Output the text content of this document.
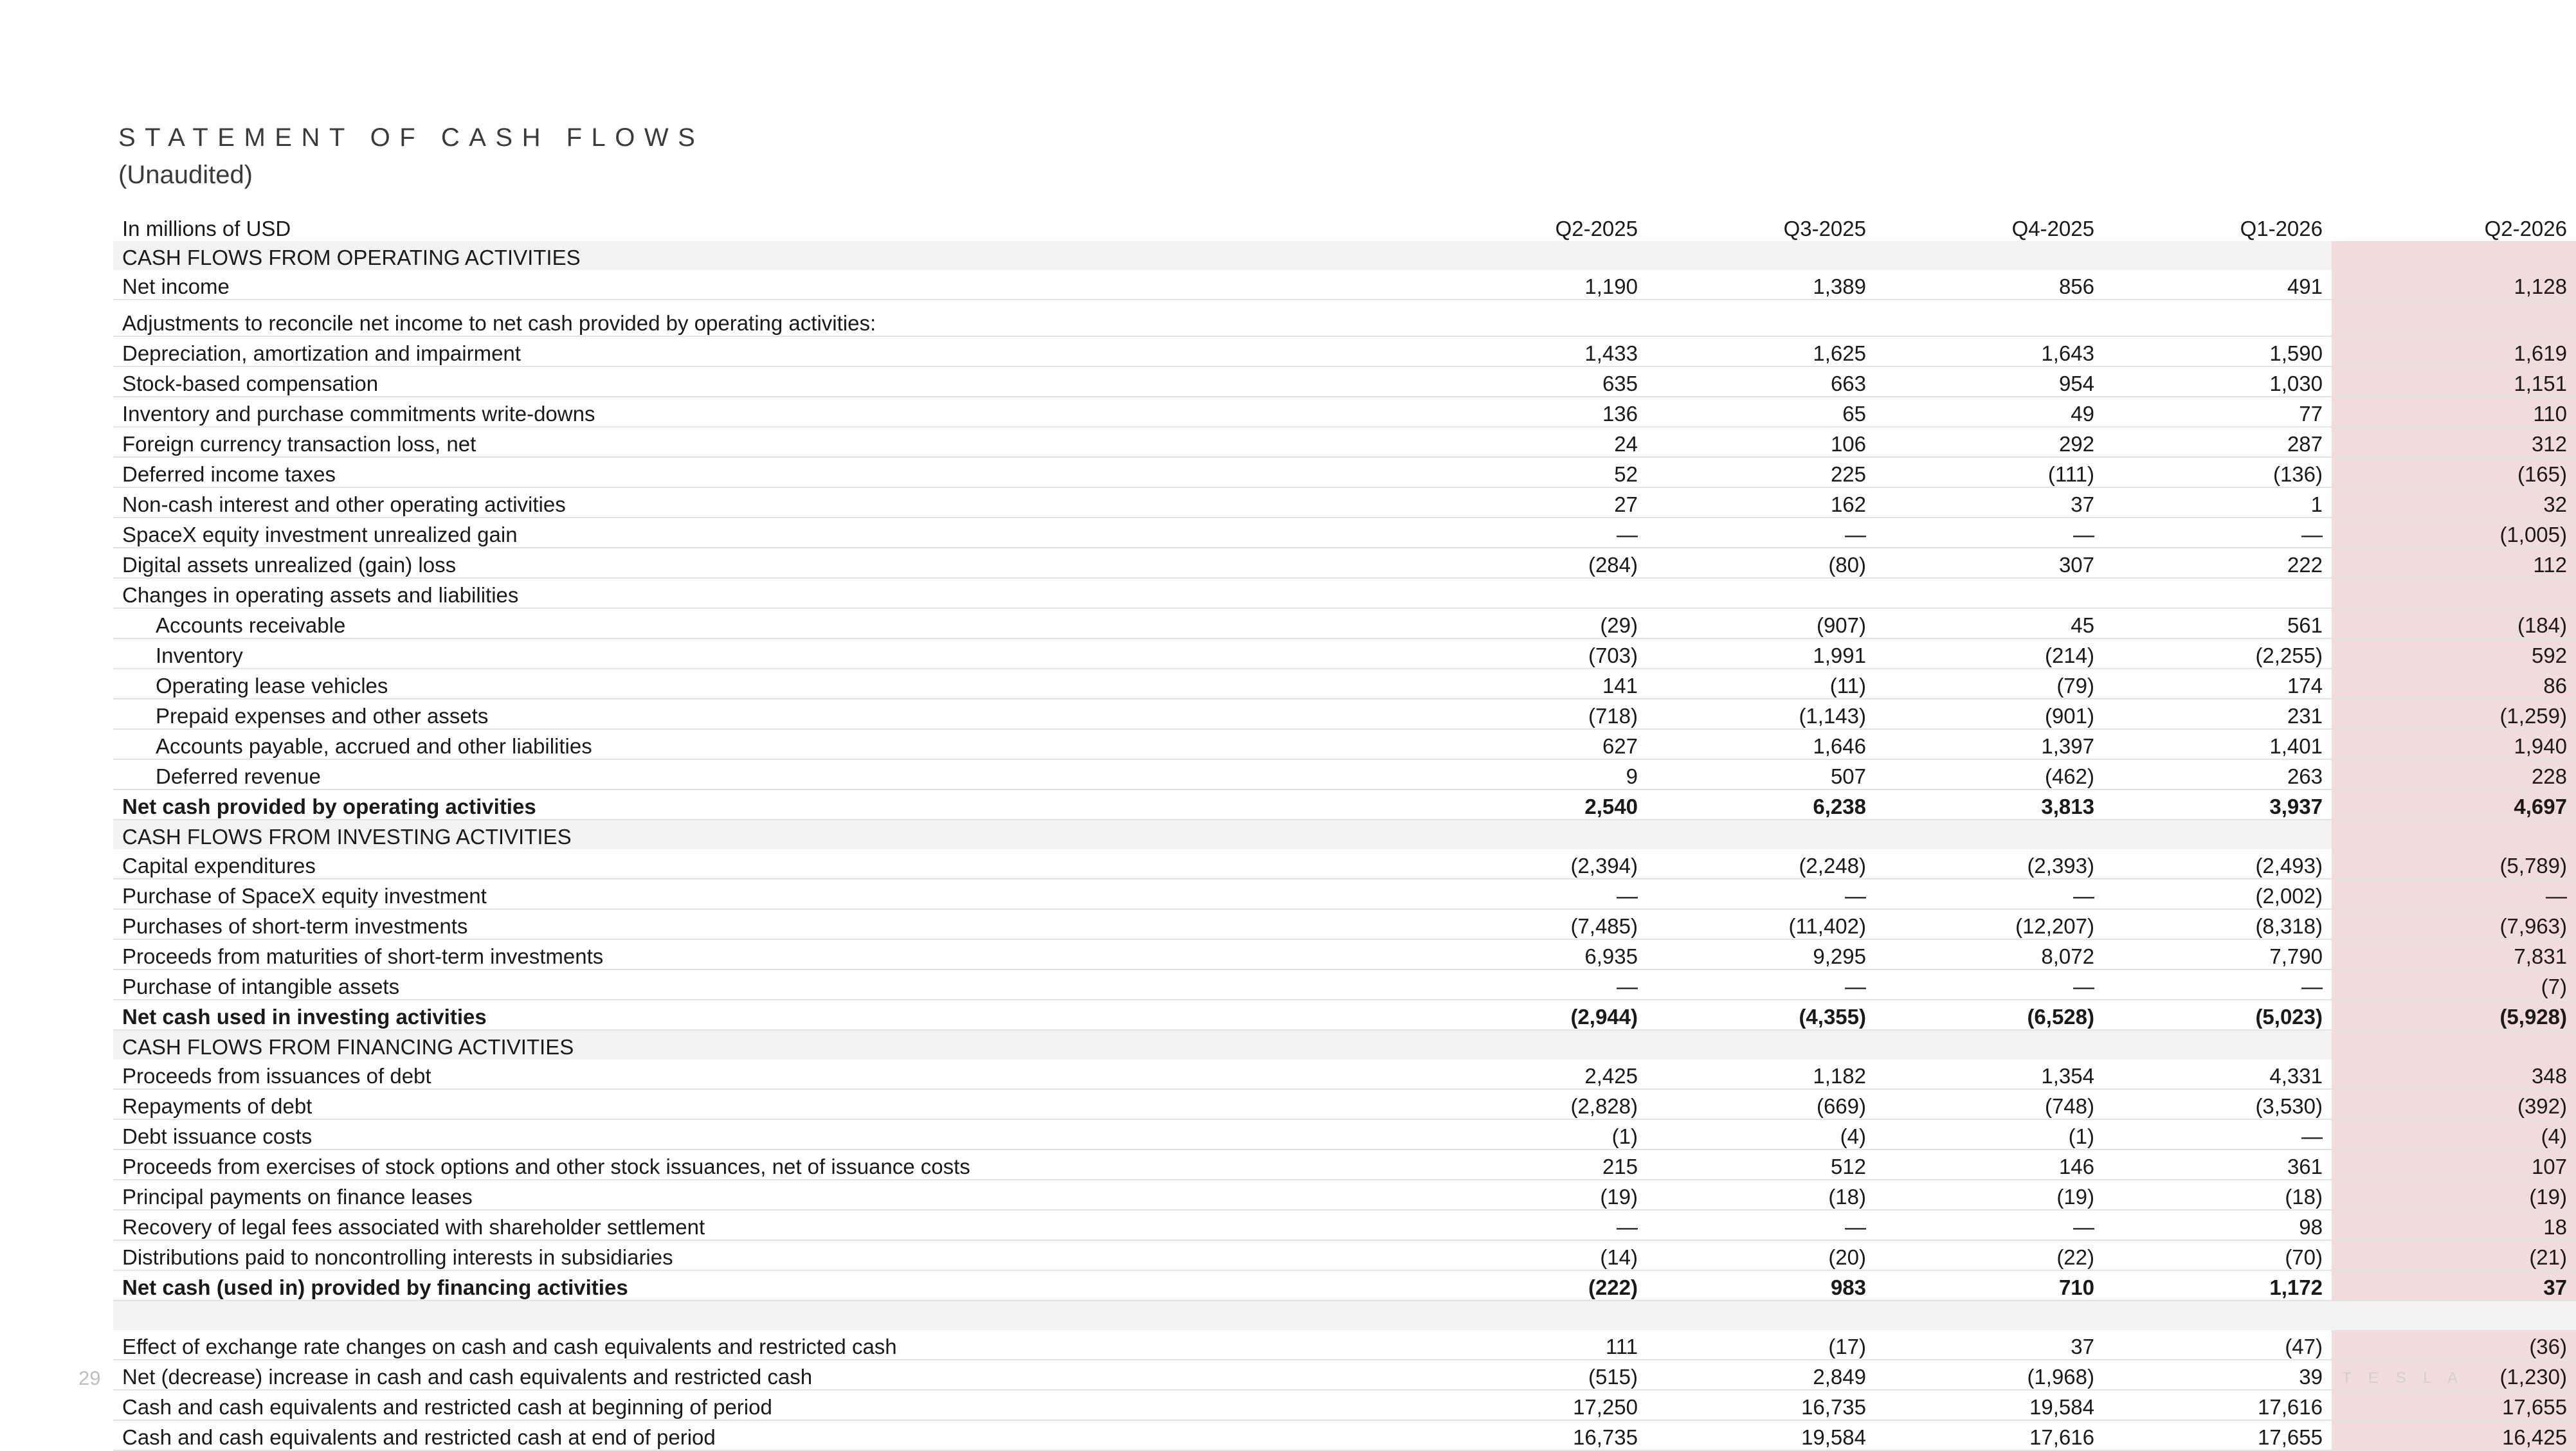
STATEMENT OF CASH FLOWS
(Unaudited)
In millions of USD	Q2-2025	Q3-2025	Q4-2025	Q1-2026	Q2-2026
CASH FLOWS FROM OPERATING ACTIVITIES					
Net income	1,190	1,389	856	491	1,128
Adjustments to reconcile net income to net cash provided by operating activities:					
Depreciation, amortization and impairment	1,433	1,625	1,643	1,590	1,619
Stock-based compensation	635	663	954	1,030	1,151
Inventory and purchase commitments write-downs	136	65	49	77	110
Foreign currency transaction loss, net	24	106	292	287	312
Deferred income taxes	52	225	(111)	(136)	(165)
Non-cash interest and other operating activities	27	162	37	1	32
SpaceX equity investment unrealized gain	—	—	—	—	(1,005)
Digital assets unrealized (gain) loss	(284)	(80)	307	222	112
Changes in operating assets and liabilities					
Accounts receivable	(29)	(907)	45	561	(184)
Inventory	(703)	1,991	(214)	(2,255)	592
Operating lease vehicles	141	(11)	(79)	174	86
Prepaid expenses and other assets	(718)	(1,143)	(901)	231	(1,259)
Accounts payable, accrued and other liabilities	627	1,646	1,397	1,401	1,940
Deferred revenue	9	507	(462)	263	228
Net cash provided by operating activities	2,540	6,238	3,813	3,937	4,697
CASH FLOWS FROM INVESTING ACTIVITIES					
Capital expenditures	(2,394)	(2,248)	(2,393)	(2,493)	(5,789)
Purchase of SpaceX equity investment	—	—	—	(2,002)	—
Purchases of short-term investments	(7,485)	(11,402)	(12,207)	(8,318)	(7,963)
Proceeds from maturities of short-term investments	6,935	9,295	8,072	7,790	7,831
Purchase of intangible assets	—	—	—	—	(7)
Net cash used in investing activities	(2,944)	(4,355)	(6,528)	(5,023)	(5,928)
CASH FLOWS FROM FINANCING ACTIVITIES					
Proceeds from issuances of debt	2,425	1,182	1,354	4,331	348
Repayments of debt	(2,828)	(669)	(748)	(3,530)	(392)
Debt issuance costs	(1)	(4)	(1)	—	(4)
Proceeds from exercises of stock options and other stock issuances, net of issuance costs	215	512	146	361	107
Principal payments on finance leases	(19)	(18)	(19)	(18)	(19)
Recovery of legal fees associated with shareholder settlement	—	—	—	98	18
Distributions paid to noncontrolling interests in subsidiaries	(14)	(20)	(22)	(70)	(21)
Net cash (used in) provided by financing activities	(222)	983	710	1,172	37

Effect of exchange rate changes on cash and cash equivalents and restricted cash	111	(17)	37	(47)	(36)
Net (decrease) increase in cash and cash equivalents and restricted cash	(515)	2,849	(1,968)	39	(1,230)
Cash and cash equivalents and restricted cash at beginning of period	17,250	16,735	19,584	17,616	17,655
Cash and cash equivalents and restricted cash at end of period	16,735	19,584	17,616	17,655	16,425
29	T E S L A
